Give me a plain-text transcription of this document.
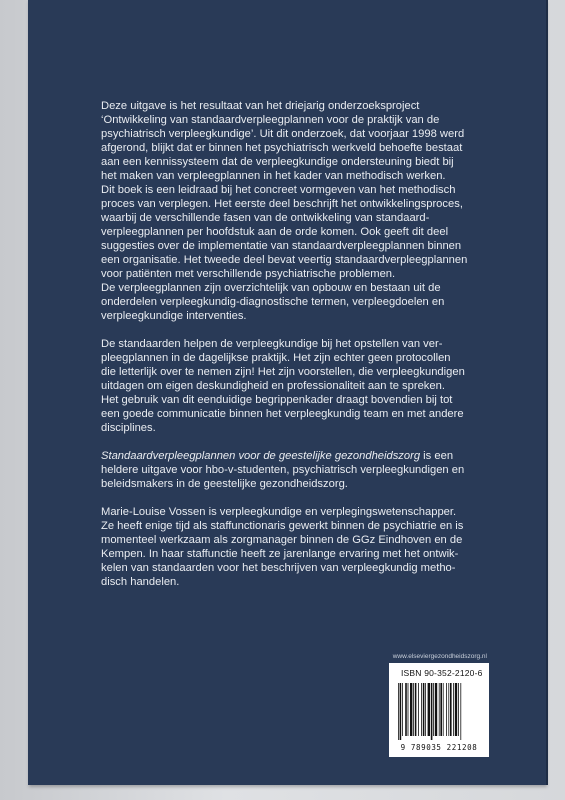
Deze uitgave is het resultaat van het driejarig onderzoeksproject
‘Ontwikkeling van standaardverpleegplannen voor de praktijk van de
psychiatrisch verpleegkundige’. Uit dit onderzoek, dat voorjaar 1998 werd
afgerond, blijkt dat er binnen het psychiatrisch werkveld behoefte bestaat
aan een kennissysteem dat de verpleegkundige ondersteuning biedt bij
het maken van verpleegplannen in het kader van methodisch werken.

Dit boek is een leidraad bij het concreet vormgeven van het methodisch
proces van verplegen. Het eerste deel beschrijft het ontwikkelingsproces,
waarbij de verschillende fasen van de ontwikkeling van standaard-
verpleegplannen per hoofdstuk aan de orde komen. Ook geeft dit deel
suggesties over de implementatie van standaardverpleegplannen binnen
een organisatie. Het tweede deel bevat veertig standaardverpleegplannen
voor patiënten met verschillende psychiatrische problemen.

De verpleegplannen zijn overzichtelijk van opbouw en bestaan uit de
onderdelen verpleegkundig-diagnostische termen, verpleegdoelen en
verpleegkundige interventies.

De standaarden helpen de verpleegkundige bij het opstellen van ver-
pleegplannen in de dagelijkse praktijk. Het zijn echter geen protocollen
die letterlijk over te nemen zijn! Het zijn voorstellen, die verpleegkundigen
uitdagen om eigen deskundigheid en professionaliteit aan te spreken.
Het gebruik van dit eenduidige begrippenkader draagt bovendien bij tot
een goede communicatie binnen het verpleegkundig team en met andere
disciplines.

Standaardverpleegplannen voor de geestelijke gezondheidszorg is een
heldere uitgave voor hbo-v-studenten, psychiatrisch verpleegkundigen en
beleidsmakers in de geestelijke gezondheidszorg.

Marie-Louise Vossen is verpleegkundige en verplegingswetenschapper.
Ze heeft enige tijd als staffunctionaris gewerkt binnen de psychiatrie en is
momenteel werkzaam als zorgmanager binnen de GGz Eindhoven en de
Kempen. In haar staffunctie heeft ze jarenlange ervaring met het ontwik-
kelen van standaarden voor het beschrijven van verpleegkundig metho-
disch handelen.

www.elseviergezondheidszorg.nl
ISBN 90-352-2120-6
9 789035 221208
